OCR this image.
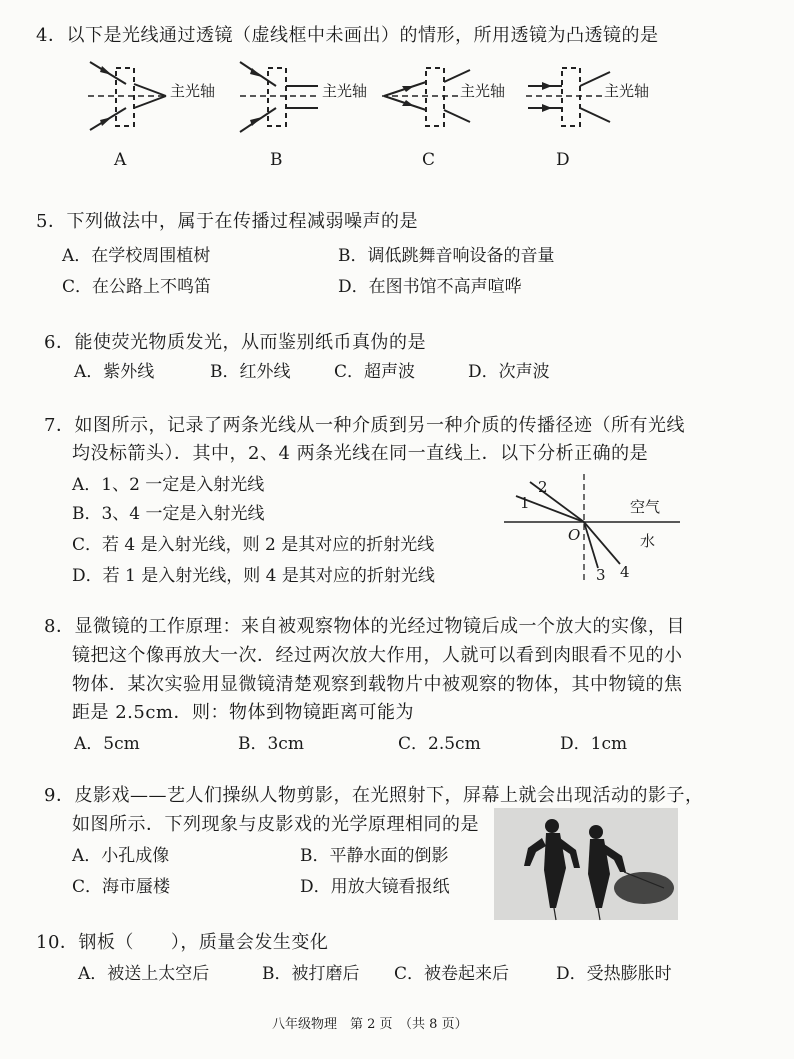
4．以下是光线通过透镜（虚线框中未画出）的情形，所用透镜为凸透镜的是
主光轴	主光轴	主光轴	主光轴
A	B	C	D
5．下列做法中，属于在传播过程减弱噪声的是
A．在学校周围植树	B．调低跳舞音响设备的音量
C．在公路上不鸣笛	D．在图书馆不高声喧哗
6．能使荧光物质发光，从而鉴别纸币真伪的是
A．紫外线	B．红外线	C．超声波	D．次声波
7．如图所示，记录了两条光线从一种介质到另一种介质的传播径迹（所有光线
均没标箭头）．其中，2、4 两条光线在同一直线上．以下分析正确的是
A．1、2 一定是入射光线
B．3、4 一定是入射光线
C．若 4 是入射光线，则 2 是其对应的折射光线
D．若 1 是入射光线，则 4 是其对应的折射光线
1
2
3 4
O
空气
水
8．显微镜的工作原理：来自被观察物体的光经过物镜后成一个放大的实像，目
镜把这个像再放大一次．经过两次放大作用，人就可以看到肉眼看不见的小
物体．某次实验用显微镜清楚观察到载物片中被观察的物体，其中物镜的焦
距是 2.5cm．则：物体到物镜距离可能为
A．5cm	B．3cm	C．2.5cm	D．1cm
9．皮影戏——艺人们操纵人物剪影，在光照射下，屏幕上就会出现活动的影子，
如图所示．下列现象与皮影戏的光学原理相同的是
A．小孔成像	B．平静水面的倒影
C．海市蜃楼	D．用放大镜看报纸
10．钢板（　　），质量会发生变化
A．被送上太空后	B．被打磨后 C．被卷起来后	D．受热膨胀时
八年级物理　第 2 页　（共 8 页）
